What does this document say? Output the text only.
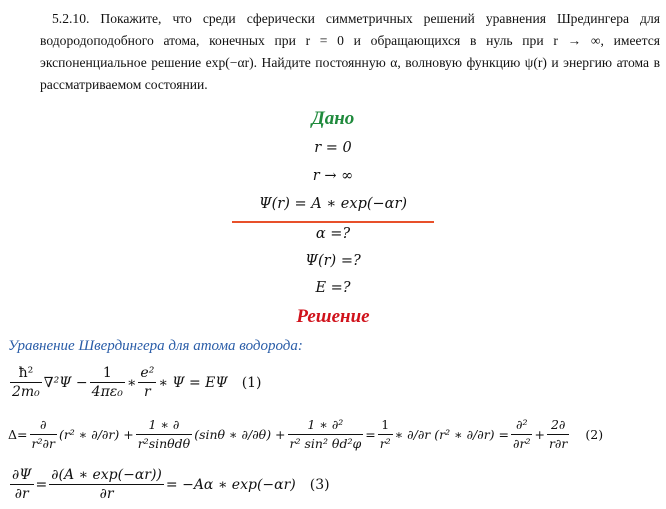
5.2.10. Покажите, что среди сферически симметричных решений уравнения Шредингера для водородоподобного атома, конечных при r = 0 и обращающихся в нуль при r → ∞, имеется экспоненциальное решение exp(−αr). Найдите постоянную α, волновую функцию ψ(r) и энергию атома в рассматриваемом состоянии.

Дано
r = 0
r → ∞
Ψ(r) = A ∗ exp(−αr)
α =?
Ψ(r) =?
E =?
Решение
Уравнение Швердингера для атома водорода:
$\frac{\text{ħ²}}{\text{2m₀}} \nabla^2\Psi - \frac{1}{\text{4πε₀}}$ ∗ $\frac{\text{e²}}{r}$ ∗ Ψ = EΨ (1)
$\Delta= \frac{\partial}{\text{r²∂r}} (r^2$ ∗ $\partial/\partial r) + \frac{1 ∗ \partial}{\text{r²sinθdθ}} (\sin\theta$ ∗ $\partial/\partial\theta) + \frac{\text{1 ∗ ∂²}}{\text{r² sin² θd²φ}} = \frac{1}{\text{r²}}$ ∗ ∂/∂r (r² ∗ $\partial/\partial r) = \frac{\text{∂²}}{\text{∂r²}} + \frac{2\partial}{r\partial r} (2)$
$\frac{\partial\Psi}{\partial r} = \frac{\partial(A ∗ \exp(-\alpha r))}{\partial r} = -A\alpha$ ∗ exp(−αr) (3)
